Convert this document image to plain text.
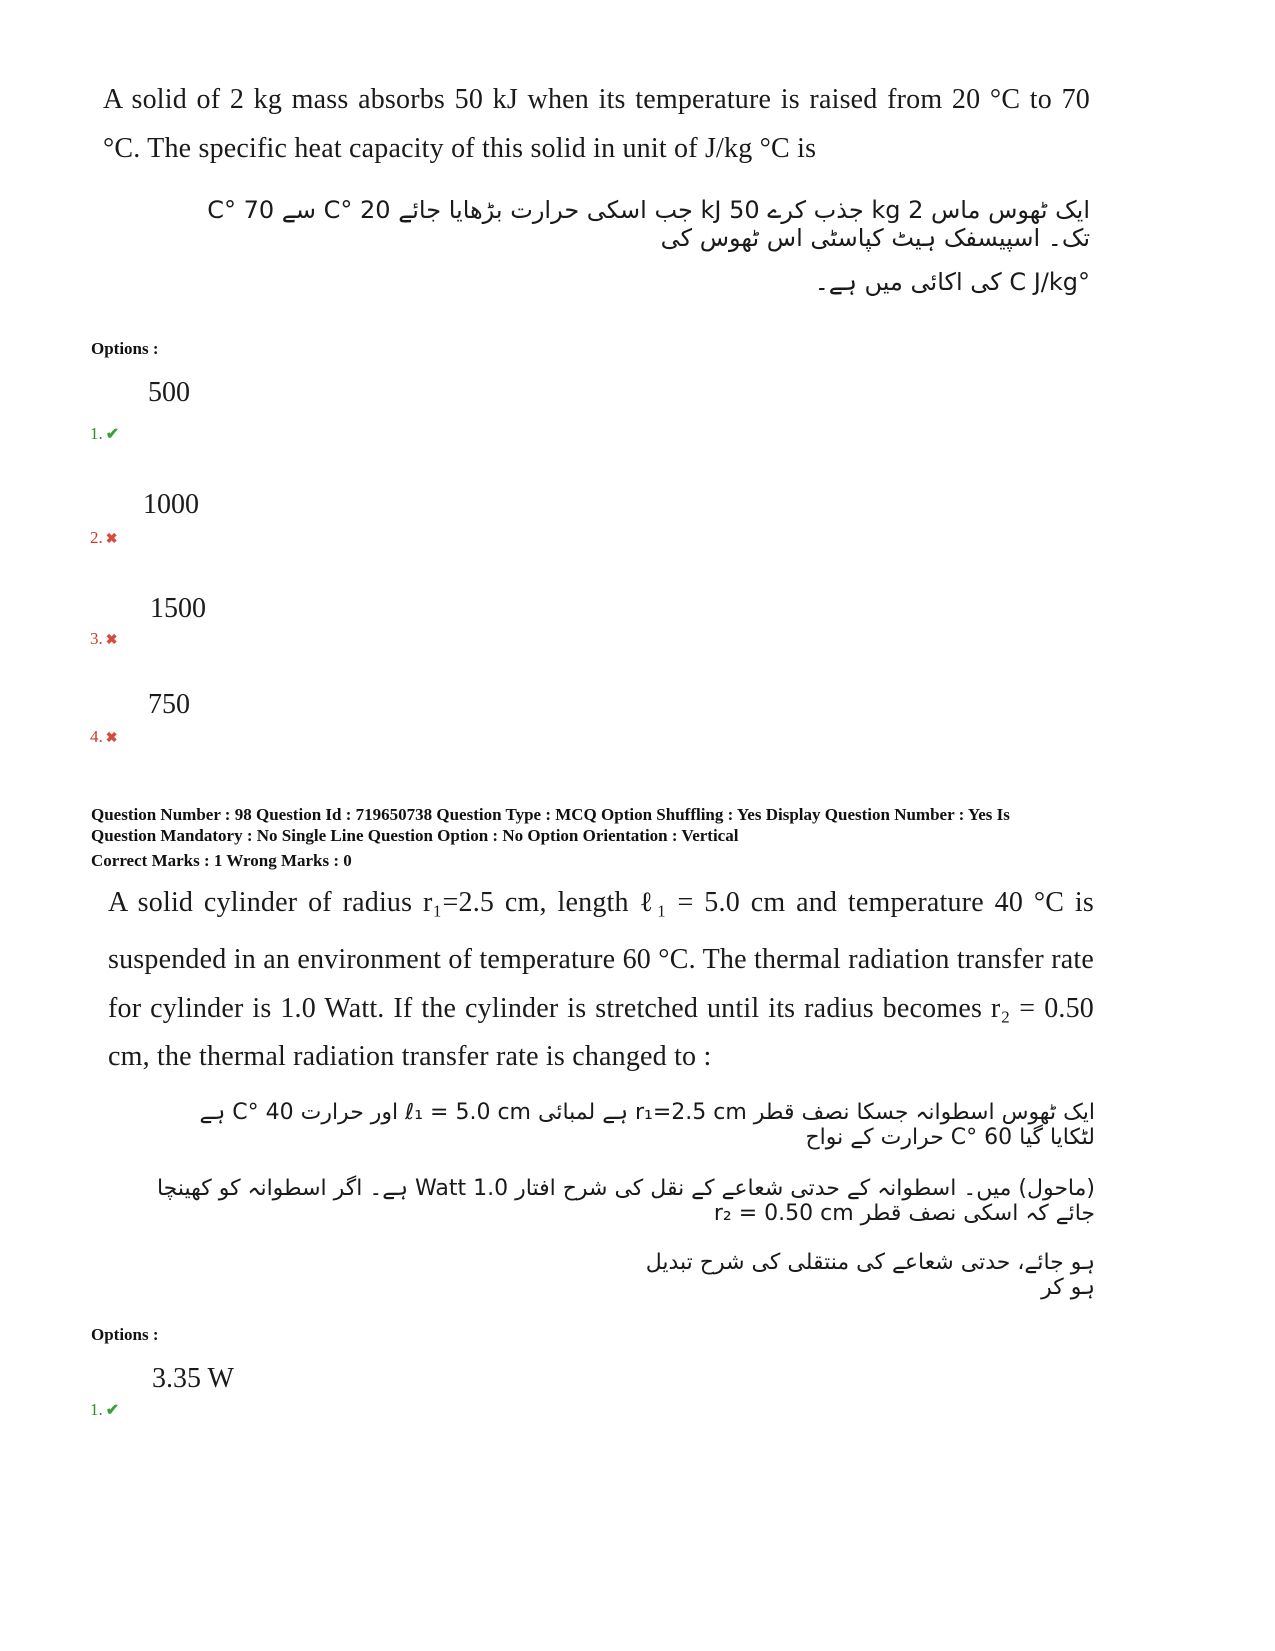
A solid of 2 kg mass absorbs 50 kJ when its temperature is raised from 20 °C to 70
°C. The specific heat capacity of this solid in unit of J/kg °C is
ایک ٹھوس ماس 2 kg جذب کرے 50 kJ جب اسکی حرارت بڑھایا جائے 20 °C سے 70 °C تک۔ اسپیسفک ہیٹ کپاسٹی اس ٹھوس کی
°C J/kg کی اکائی میں ہے۔
Options :
500
1. ✔
1000
2. ✖
1500
3. ✖
750
4. ✖
Question Number : 98 Question Id : 719650738 Question Type : MCQ Option Shuffling : Yes Display Question Number : Yes Is
Question Mandatory : No Single Line Question Option : No Option Orientation : Vertical
Correct Marks : 1 Wrong Marks : 0
A solid cylinder of radius r₁=2.5 cm, length ℓ₁ = 5.0 cm and temperature 40 °C is
suspended in an environment of temperature 60 °C. The thermal radiation transfer rate
for cylinder is 1.0 Watt. If the cylinder is stretched until its radius becomes r₂ = 0.50
cm, the thermal radiation transfer rate is changed to :
ایک ٹھوس اسطوانہ جسکا نصف قطر r₁=2.5 cm ہے لمبائی ℓ₁ = 5.0 cm اور حرارت 40 °C ہے لٹکایا گیا 60 °C حرارت کے نواح
(ماحول) میں۔ اسطوانہ کے حدتی شعاعے کے نقل کی شرح افتار 1.0 Watt ہے۔ اگر اسطوانہ کو کھینچا جائے کہ اسکی نصف قطر r₂ = 0.50 cm
ہو جائے، حدتی شعاعے کی منتقلی کی شرح تبدیل ہو کر
Options :
3.35 W
1. ✔
